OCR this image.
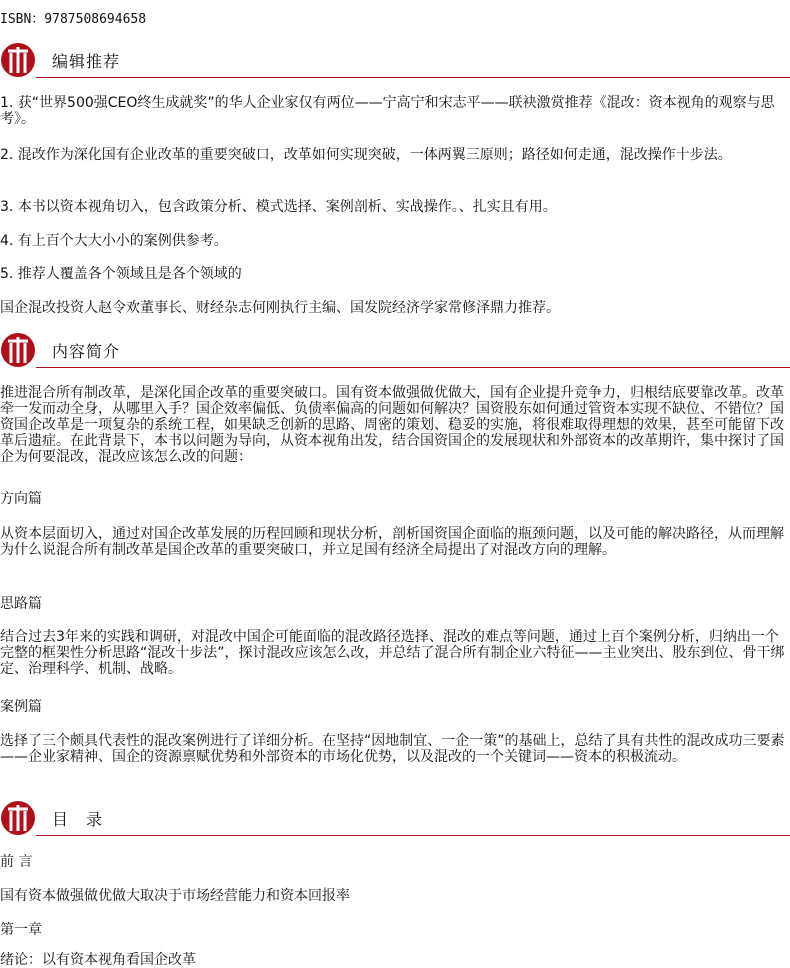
ISBN：9787508694658
编辑推荐

1. 获“世界500强CEO终生成就奖”的华人企业家仅有两位——宁高宁和宋志平——联袂激赏推荐《混改：资本视角的观察与思考》。

2. 混改作为深化国有企业改革的重要突破口，改革如何实现突破，一体两翼三原则；路径如何走通，混改操作十步法。

3. 本书以资本视角切入，包含政策分析、模式选择、案例剖析、实战操作。、扎实且有用。

4. 有上百个大大小小的案例供参考。

5. 推荐人覆盖各个领域且是各个领域的

国企混改投资人赵令欢董事长、财经杂志何刚执行主编、国发院经济学家常修泽鼎力推荐。

内容简介

推进混合所有制改革，是深化国企改革的重要突破口。国有资本做强做优做大，国有企业提升竞争力，归根结底要靠改革。改革牵一发而动全身，从哪里入手？国企效率偏低、负债率偏高的问题如何解决？国资股东如何通过管资本实现不缺位、不错位？国资国企改革是一项复杂的系统工程，如果缺乏创新的思路、周密的策划、稳妥的实施，将很难取得理想的效果，甚至可能留下改革后遗症。在此背景下，本书以问题为导向，从资本视角出发，结合国资国企的发展现状和外部资本的改革期许，集中探讨了国企为何要混改，混改应该怎么改的问题：

方向篇

从资本层面切入，通过对国企改革发展的历程回顾和现状分析，剖析国资国企面临的瓶颈问题，以及可能的解决路径，从而理解为什么说混合所有制改革是国企改革的重要突破口，并立足国有经济全局提出了对混改方向的理解。

思路篇

结合过去3年来的实践和调研，对混改中国企可能面临的混改路径选择、混改的难点等问题，通过上百个案例分析，归纳出一个完整的框架性分析思路“混改十步法”，探讨混改应该怎么改，并总结了混合所有制企业六特征——主业突出、股东到位、骨干绑定、治理科学、机制、战略。

案例篇

选择了三个颇具代表性的混改案例进行了详细分析。在坚持“因地制宜、一企一策”的基础上，总结了具有共性的混改成功三要素——企业家精神、国企的资源禀赋优势和外部资本的市场化优势，以及混改的一个关键词——资本的积极流动。

目　录

前 言

国有资本做强做优做大取决于市场经营能力和资本回报率

第一章

绪论：以有资本视角看国企改革
